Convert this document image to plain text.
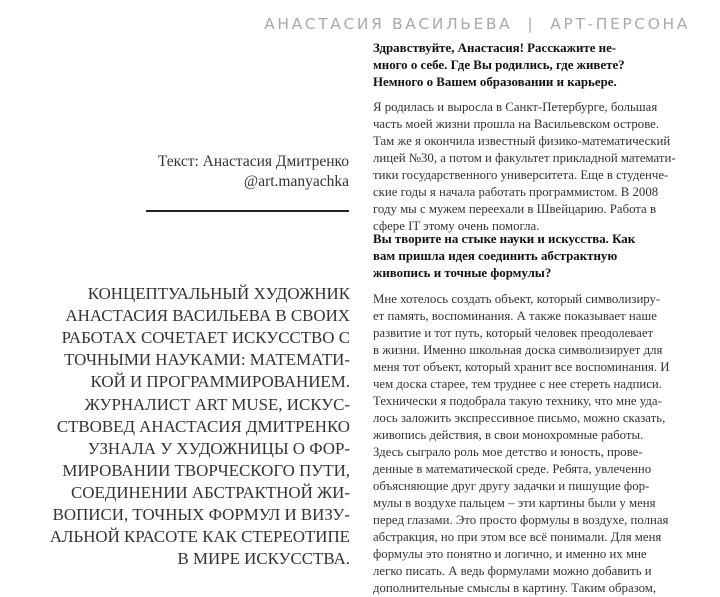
АНАСТАСИЯ ВАСИЛЬЕВА  |  АРТ-ПЕРСОНА
Текст: Анастасия Дмитренко
@art.manyachka
КОНЦЕПТУАЛЬНЫЙ ХУДОЖНИК
АНАСТАСИЯ ВАСИЛЬЕВА В СВОИХ
РАБОТАХ СОЧЕТАЕТ ИСКУССТВО С
ТОЧНЫМИ НАУКАМИ: МАТЕМАТИ-
КОЙ И ПРОГРАММИРОВАНИЕМ.
ЖУРНАЛИСТ ART MUSE, ИСКУС-
СТВОВЕД АНАСТАСИЯ ДМИТРЕНКО
УЗНАЛА У ХУДОЖНИЦЫ О ФОР-
МИРОВАНИИ ТВОРЧЕСКОГО ПУТИ,
СОЕДИНЕНИИ АБСТРАКТНОЙ ЖИ-
ВОПИСИ, ТОЧНЫХ ФОРМУЛ И ВИЗУ-
АЛЬНОЙ КРАСОТЕ КАК СТЕРЕОТИПЕ
В МИРЕ ИСКУССТВА.
Здравствуйте, Анастасия! Расскажите не-
много о себе. Где Вы родились, где живете?
Немного о Вашем образовании и карьере.
Я родилась и выросла в Санкт-Петербурге, большая
часть моей жизни прошла на Васильевском острове.
Там же я окончила известный физико-математический
лицей №30, а потом и факультет прикладной математи-
тики государственного университета. Еще в студенче-
ские годы я начала работать программистом. В 2008
году мы с мужем переехали в Швейцарию. Работа в
сфере IT этому очень помогла.
Вы творите на стыке науки и искусства. Как
вам пришла идея соединить абстрактную
живопись и точные формулы?
Мне хотелось создать объект, который символизиру-
ет память, воспоминания. А также показывает наше
развитие и тот путь, который человек преодолевает
в жизни. Именно школьная доска символизирует для
меня тот объект, который хранит все воспоминания. И
чем доска старее, тем труднее с нее стереть надписи.
Технически я подобрала такую технику, что мне уда-
лось заложить экспрессивное письмо, можно сказать,
живопись действия, в свои монохромные работы.
Здесь сыграло роль мое детство и юность, прове-
денные в математической среде. Ребята, увлеченно
объясняющие друг другу задачки и пишущие фор-
мулы в воздухе пальцем – эти картины были у меня
перед глазами. Это просто формулы в воздухе, полная
абстракция, но при этом все всё понимали. Для меня
формулы это понятно и логично, и именно их мне
легко писать. А ведь формулами можно добавить и
дополнительные смыслы в картину. Таким образом,
